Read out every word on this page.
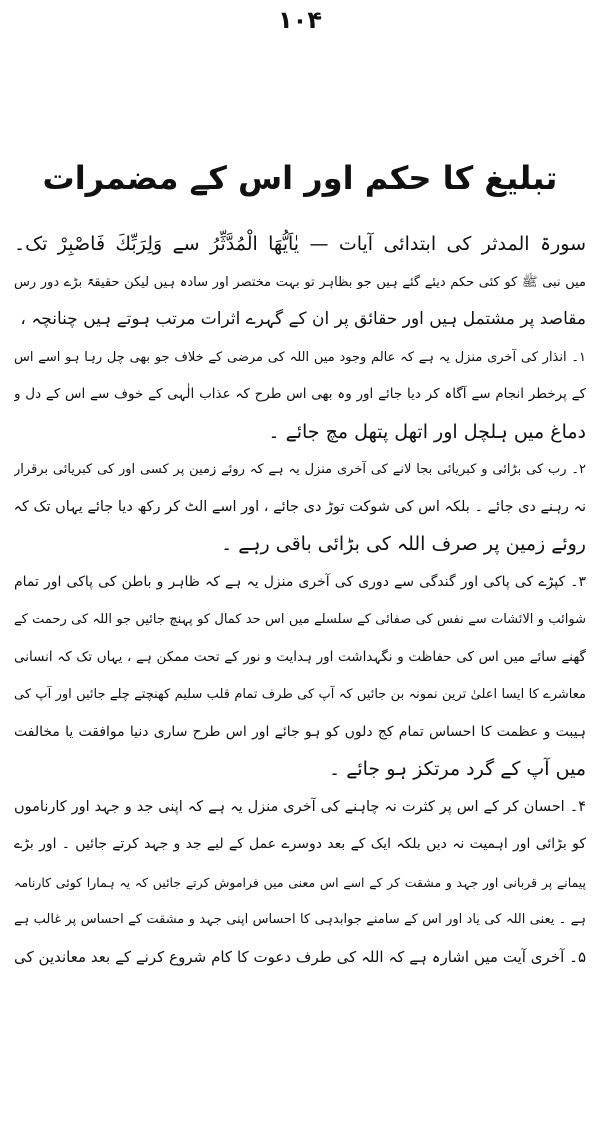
۱۰۴
تبلیغ کا حکم اور اس کے مضمرات
سورۃ المدثر کی ابتدائی آیات — یٰاَیُّهَا الْمُدَّثِّرُ سے وَلِرَبِّكَ فَاصْبِرْ تک۔
میں نبی ﷺ کو کئی حکم دیئے گئے ہیں جو بظاہر تو بہت مختصر اور سادہ ہیں لیکن حقیقۃً بڑے دور رس
مقاصد پر مشتمل ہیں اور حقائق پر ان کے گہرے اثرات مرتب ہوتے ہیں چنانچہ ،
۱۔ انذار کی آخری منزل یہ ہے کہ عالم وجود میں اللہ کی مرضی کے خلاف جو بھی چل رہا ہو اسے اس
کے پرخطر انجام سے آگاہ کر دیا جائے اور وہ بھی اس طرح کہ عذاب الٰہی کے خوف سے اس کے دل و
دماغ میں ہلچل اور اتھل پتھل مچ جائے ۔
۲۔ رب کی بڑائی و کبریائی بجا لانے کی آخری منزل یہ ہے کہ روئے زمین پر کسی اور کی کبریائی برقرار
نہ رہنے دی جائے ۔ بلکہ اس کی شوکت توڑ دی جائے ، اور اسے الٹ کر رکھ دیا جائے یہاں تک کہ
روئے زمین پر صرف اللہ کی بڑائی باقی رہے ۔
۳۔ کپڑے کی پاکی اور گندگی سے دوری کی آخری منزل یہ ہے کہ ظاہر و باطن کی پاکی اور تمام
شوائب و الائشات سے نفس کی صفائی کے سلسلے میں اس حد کمال کو پہنچ جائیں جو اللہ کی رحمت کے
گھنے سائے میں اس کی حفاظت و نگہداشت اور ہدایت و نور کے تحت ممکن ہے ، یہاں تک کہ انسانی
معاشرے کا ایسا اعلیٰ ترین نمونہ بن جائیں کہ آپ کی طرف تمام قلب سلیم کھنچتے چلے جائیں اور آپ کی
ہیبت و عظمت کا احساس تمام کج دلوں کو ہو جائے اور اس طرح ساری دنیا موافقت یا مخالفت
میں آپ کے گرد مرتکز ہو جائے ۔
۴۔ احسان کر کے اس پر کثرت نہ چاہنے کی آخری منزل یہ ہے کہ اپنی جد و جہد اور کارناموں
کو بڑائی اور اہمیت نہ دیں بلکہ ایک کے بعد دوسرے عمل کے لیے جد و جہد کرتے جائیں ۔ اور بڑے
پیمانے پر قربانی اور جہد و مشقت کر کے اسے اس معنی میں فراموش کرتے جائیں کہ یہ ہمارا کوئی کارنامہ
ہے ۔ یعنی اللہ کی یاد اور اس کے سامنے جوابدہی کا احساس اپنی جہد و مشقت کے احساس پر غالب ہے
۵۔ آخری آیت میں اشارہ ہے کہ اللہ کی طرف دعوت کا کام شروع کرنے کے بعد معاندین کی
